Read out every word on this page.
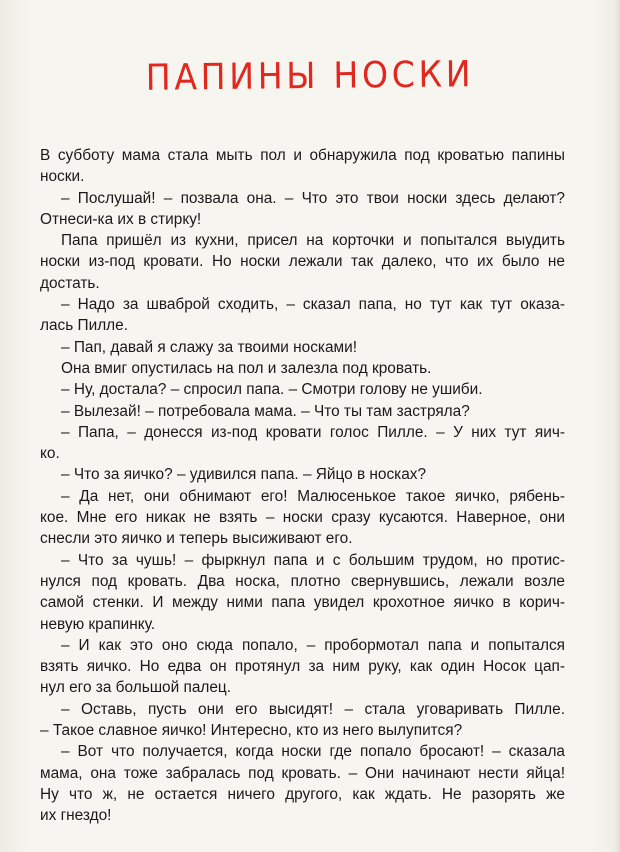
ПАПИНЫ НОСКИ
В субботу мама стала мыть пол и обнаружила под кроватью папины
носки.
– Послушай! – позвала она. – Что это твои носки здесь делают?
Отнеси-ка их в стирку!
Папа пришёл из кухни, присел на корточки и попытался выудить
носки из-под кровати. Но носки лежали так далеко, что их было не
достать.
– Надо за шваброй сходить, – сказал папа, но тут как тут оказа-
лась Пилле.
– Пап, давай я слажу за твоими носками!
Она вмиг опустилась на пол и залезла под кровать.
– Ну, достала? – спросил папа. – Смотри голову не ушиби.
– Вылезай! – потребовала мама. – Что ты там застряла?
– Папа, – донесся из-под кровати голос Пилле. – У них тут яич-
ко.
– Что за яичко? – удивился папа. – Яйцо в носках?
– Да нет, они обнимают его! Малюсенькое такое яичко, рябень-
кое. Мне его никак не взять – носки сразу кусаются. Наверное, они
снесли это яичко и теперь высиживают его.
– Что за чушь! – фыркнул папа и с большим трудом, но протис-
нулся под кровать. Два носка, плотно свернувшись, лежали возле
самой стенки. И между ними папа увидел крохотное яичко в корич-
невую крапинку.
– И как это оно сюда попало, – пробормотал папа и попытался
взять яичко. Но едва он протянул за ним руку, как один Носок цап-
нул его за большой палец.
– Оставь, пусть они его высидят! – стала уговаривать Пилле.
– Такое славное яичко! Интересно, кто из него вылупится?
– Вот что получается, когда носки где попало бросают! – сказала
мама, она тоже забралась под кровать. – Они начинают нести яйца!
Ну что ж, не остается ничего другого, как ждать. Не разорять же
их гнездо!
